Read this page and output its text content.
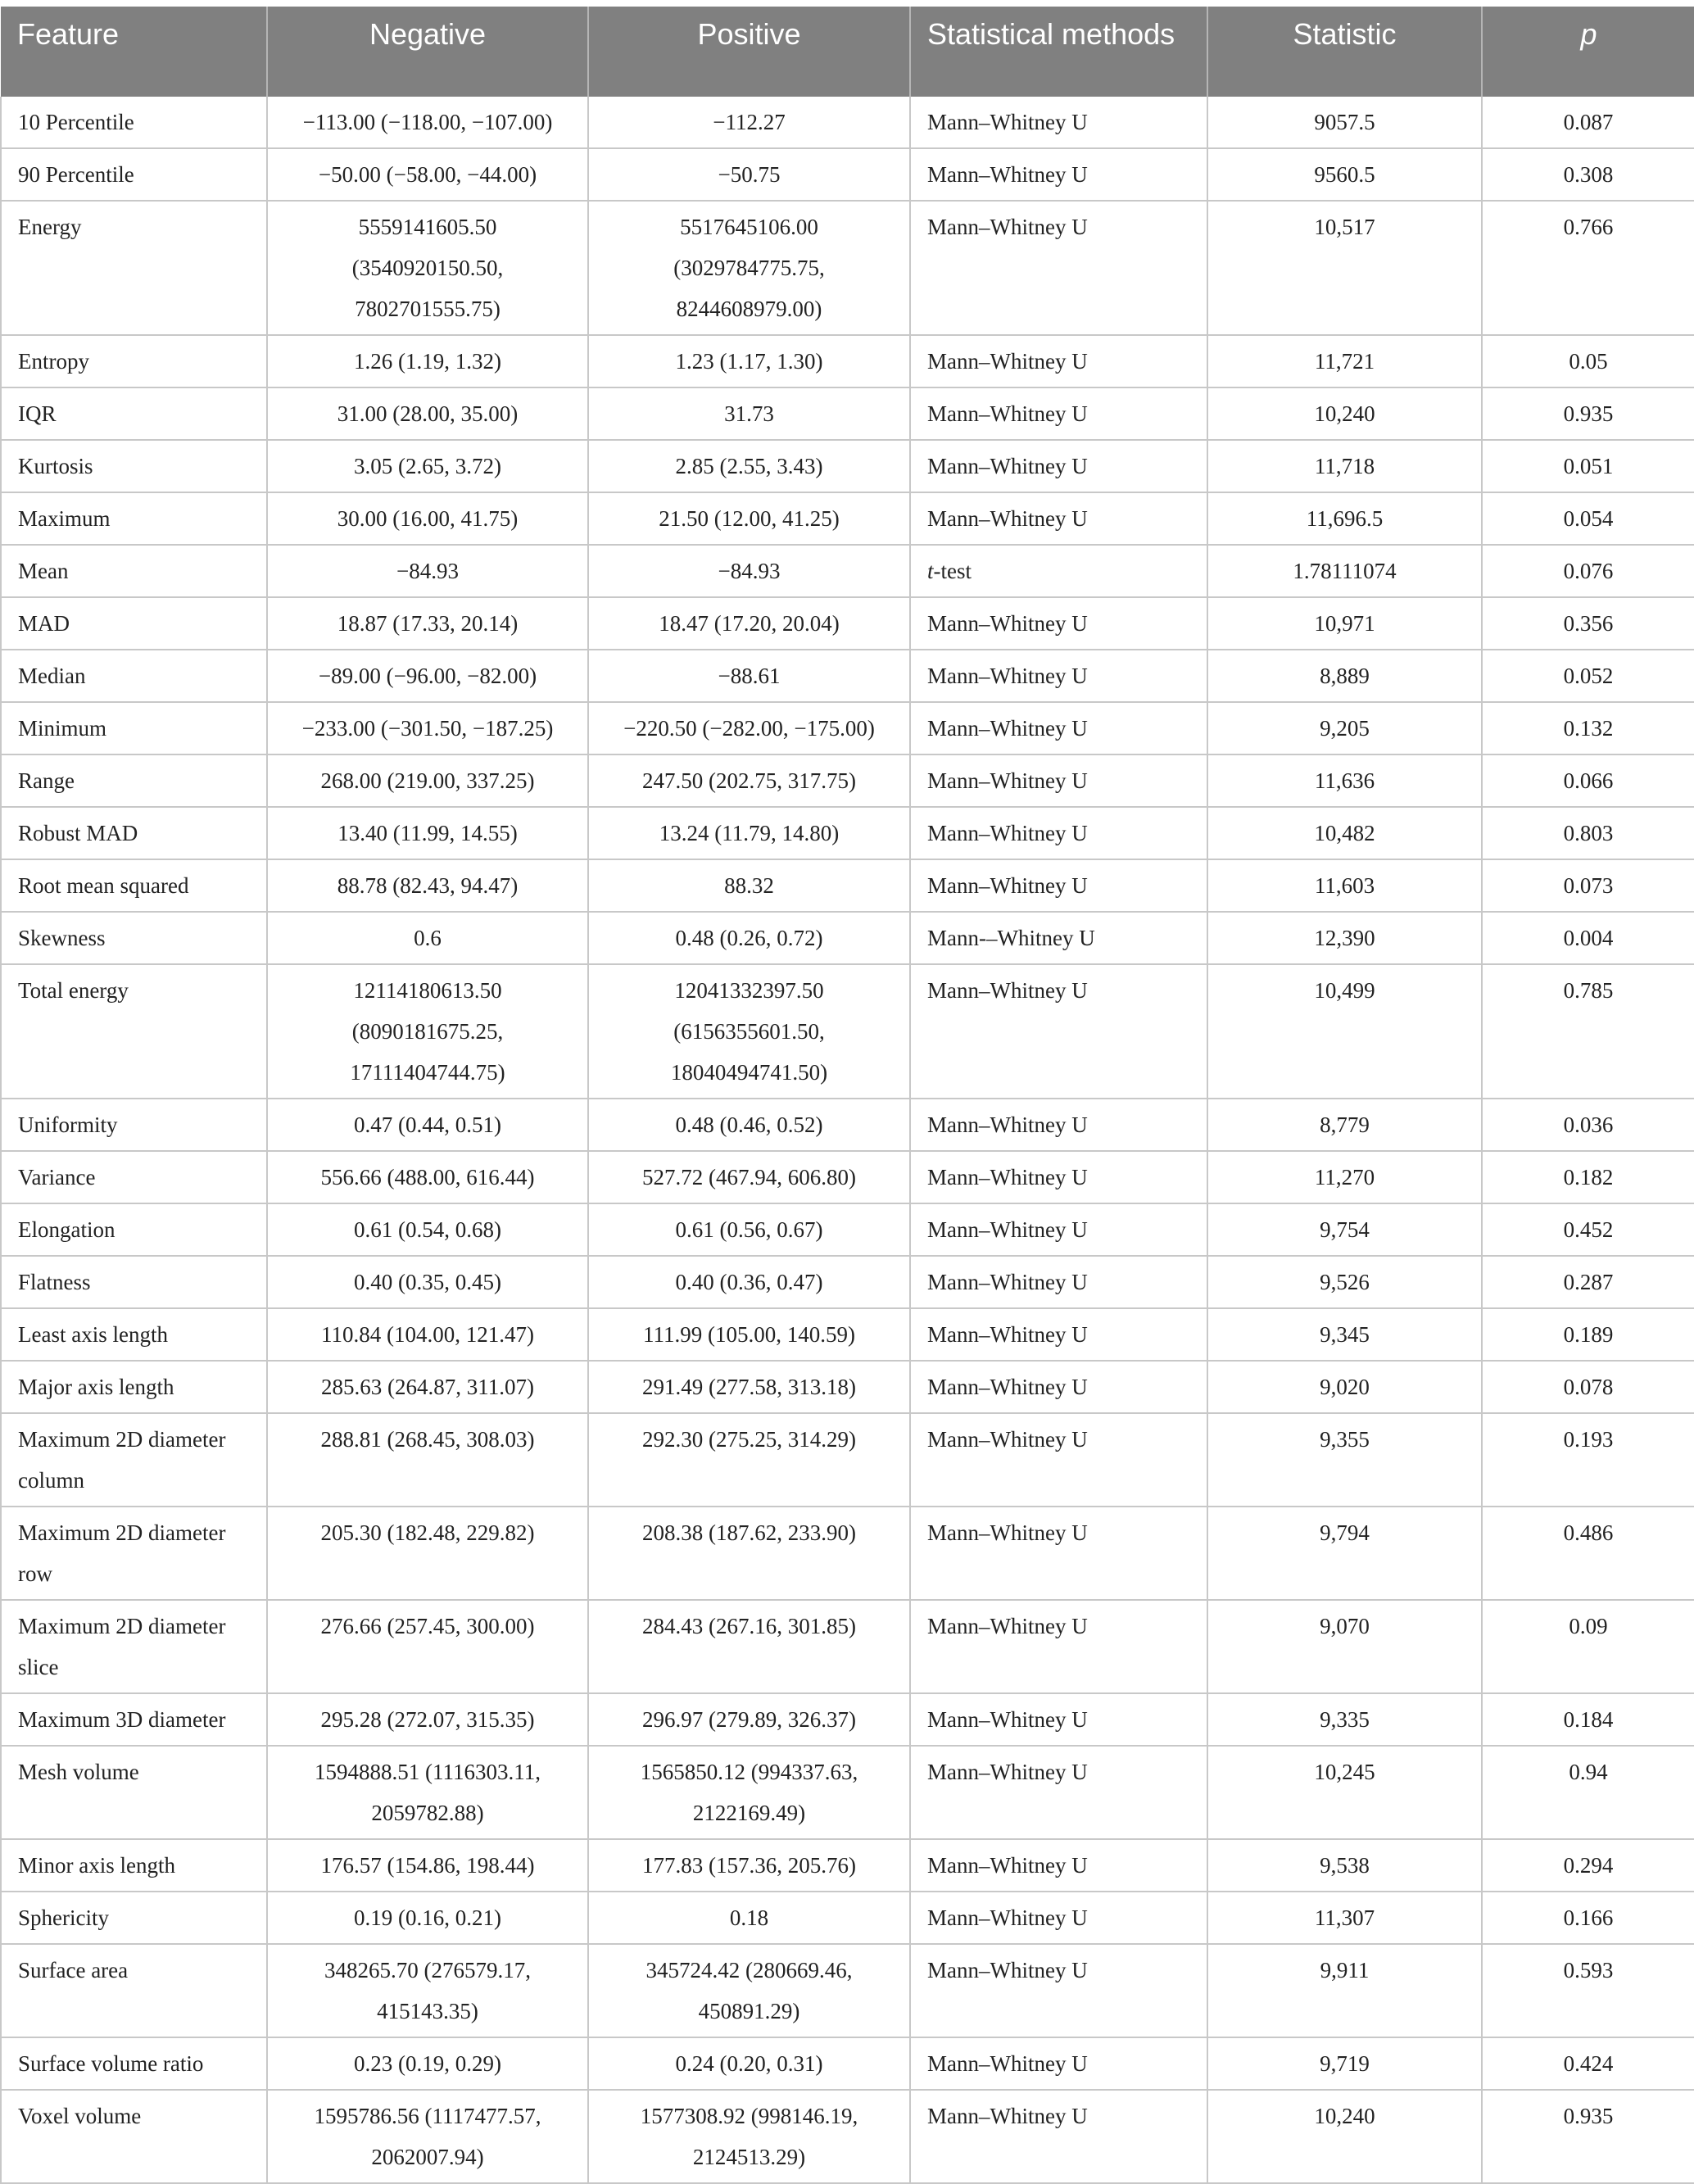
Feature	Negative	Positive	Statistical methods	Statistic	p
10 Percentile	−113.00 (−118.00, −107.00)	−112.27	Mann–Whitney U	9057.5	0.087
90 Percentile	−50.00 (−58.00, −44.00)	−50.75	Mann–Whitney U	9560.5	0.308
Energy	5559141605.50 (3540920150.50, 7802701555.75)	5517645106.00 (3029784775.75, 8244608979.00)	Mann–Whitney U	10,517	0.766
Entropy	1.26 (1.19, 1.32)	1.23 (1.17, 1.30)	Mann–Whitney U	11,721	0.05
IQR	31.00 (28.00, 35.00)	31.73	Mann–Whitney U	10,240	0.935
Kurtosis	3.05 (2.65, 3.72)	2.85 (2.55, 3.43)	Mann–Whitney U	11,718	0.051
Maximum	30.00 (16.00, 41.75)	21.50 (12.00, 41.25)	Mann–Whitney U	11,696.5	0.054
Mean	−84.93	−84.93	t-test	1.78111074	0.076
MAD	18.87 (17.33, 20.14)	18.47 (17.20, 20.04)	Mann–Whitney U	10,971	0.356
Median	−89.00 (−96.00, −82.00)	−88.61	Mann–Whitney U	8,889	0.052
Minimum	−233.00 (−301.50, −187.25)	−220.50 (−282.00, −175.00)	Mann–Whitney U	9,205	0.132
Range	268.00 (219.00, 337.25)	247.50 (202.75, 317.75)	Mann–Whitney U	11,636	0.066
Robust MAD	13.40 (11.99, 14.55)	13.24 (11.79, 14.80)	Mann–Whitney U	10,482	0.803
Root mean squared	88.78 (82.43, 94.47)	88.32	Mann–Whitney U	11,603	0.073
Skewness	0.6	0.48 (0.26, 0.72)	Mann-–Whitney U	12,390	0.004
Total energy	12114180613.50 (8090181675.25, 17111404744.75)	12041332397.50 (6156355601.50, 18040494741.50)	Mann–Whitney U	10,499	0.785
Uniformity	0.47 (0.44, 0.51)	0.48 (0.46, 0.52)	Mann–Whitney U	8,779	0.036
Variance	556.66 (488.00, 616.44)	527.72 (467.94, 606.80)	Mann–Whitney U	11,270	0.182
Elongation	0.61 (0.54, 0.68)	0.61 (0.56, 0.67)	Mann–Whitney U	9,754	0.452
Flatness	0.40 (0.35, 0.45)	0.40 (0.36, 0.47)	Mann–Whitney U	9,526	0.287
Least axis length	110.84 (104.00, 121.47)	111.99 (105.00, 140.59)	Mann–Whitney U	9,345	0.189
Major axis length	285.63 (264.87, 311.07)	291.49 (277.58, 313.18)	Mann–Whitney U	9,020	0.078
Maximum 2D diameter column	288.81 (268.45, 308.03)	292.30 (275.25, 314.29)	Mann–Whitney U	9,355	0.193
Maximum 2D diameter row	205.30 (182.48, 229.82)	208.38 (187.62, 233.90)	Mann–Whitney U	9,794	0.486
Maximum 2D diameter slice	276.66 (257.45, 300.00)	284.43 (267.16, 301.85)	Mann–Whitney U	9,070	0.09
Maximum 3D diameter	295.28 (272.07, 315.35)	296.97 (279.89, 326.37)	Mann–Whitney U	9,335	0.184
Mesh volume	1594888.51 (1116303.11, 2059782.88)	1565850.12 (994337.63, 2122169.49)	Mann–Whitney U	10,245	0.94
Minor axis length	176.57 (154.86, 198.44)	177.83 (157.36, 205.76)	Mann–Whitney U	9,538	0.294
Sphericity	0.19 (0.16, 0.21)	0.18	Mann–Whitney U	11,307	0.166
Surface area	348265.70 (276579.17, 415143.35)	345724.42 (280669.46, 450891.29)	Mann–Whitney U	9,911	0.593
Surface volume ratio	0.23 (0.19, 0.29)	0.24 (0.20, 0.31)	Mann–Whitney U	9,719	0.424
Voxel volume	1595786.56 (1117477.57, 2062007.94)	1577308.92 (998146.19, 2124513.29)	Mann–Whitney U	10,240	0.935
